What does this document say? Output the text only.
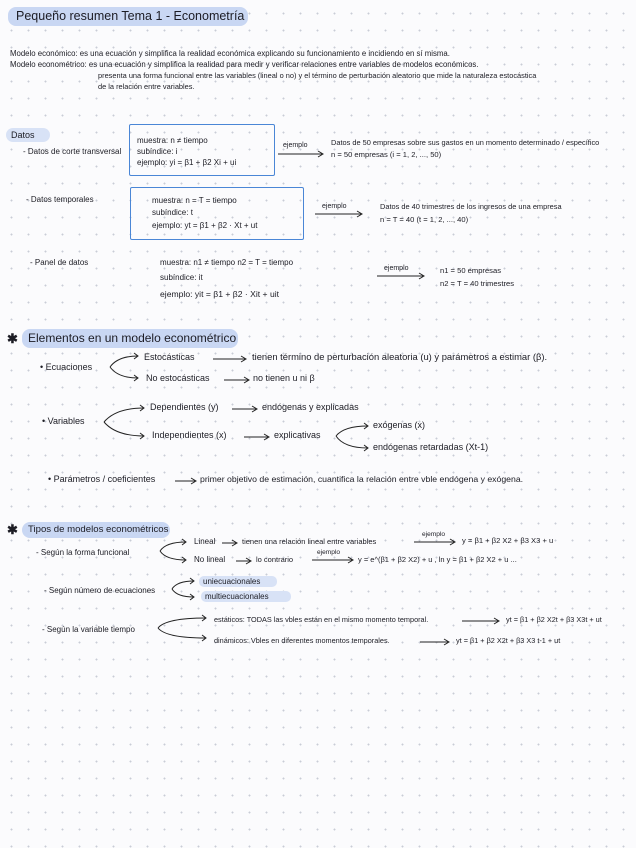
Pequeño resumen Tema 1 - Econometría
Modelo económico: es una ecuación y simplifica la realidad económica explicando su funcionamiento e incidiendo en sí misma.
Modelo econométrico: es una ecuación y simplifica la realidad para medir y verificar relaciones entre variables de modelos económicos.
presenta una forma funcional entre las variables (lineal o no) y el término de perturbación aleatorio que mide la naturaleza estocástica
de la relación entre variables.
Datos
- Datos de corte transversal
muestra: n ≠ tiempo
subíndice: i
ejemplo: yi = β1 + β2 Xi + ui
ejemplo	Datos de 50 empresas sobre sus gastos en un momento determinado / específico
n = 50 empresas (i = 1, 2, ..., 50)
- Datos temporales	muestra: n = T = tiempo
subíndice: t
ejemplo: yt = β1 + β2 · Xt + ut
ejemplo	Datos de 40 trimestres de los ingresos de una empresa
n = T = 40 (t = 1, 2, ..., 40)
- Panel de datos	muestra: n1 ≠ tiempo n2 = T = tiempo
subíndice: it
ejemplo: yit = β1 + β2 · Xit + uit
ejemplo	n1 = 50 empresas
n2 = T = 40 trimestres
✱ Elementos en un modelo econométrico
• Ecuaciones
Estocásticas	tienen término de perturbación aleatoria (u) y parámetros a estimar (β).
No estocásticas	no tienen u ni β
• Variables
Dependientes (y)	endógenas y explicadas
Independientes (x)	explicativas
exógenas (x)
endógenas retardadas (Xt-1)
• Parámetros / coeficientes	primer objetivo de estimación, cuantifica la relación entre vble endógena y exógena.
✱ Tipos de modelos econométricos
- Según la forma funcional
Lineal	tienen una relación lineal entre variables
ejemplo
y = β1 + β2 X2 + β3 X3 + u
No lineal	lo contrario
ejemplo
y = e^(β1 + β2 X2) + u , ln y = β1 + β2 X2 + u ...
- Según número de ecuaciones
uniecuacionales
multiecuacionales
- Según la variable tiempo
estáticos: TODAS las vbles están en el mismo momento temporal.	yt = β1 + β2 X2t + β3 X3t + ut
dinámicos: Vbles en diferentes momentos temporales.	yt = β1 + β2 X2t + β3 X3 t-1 + ut
